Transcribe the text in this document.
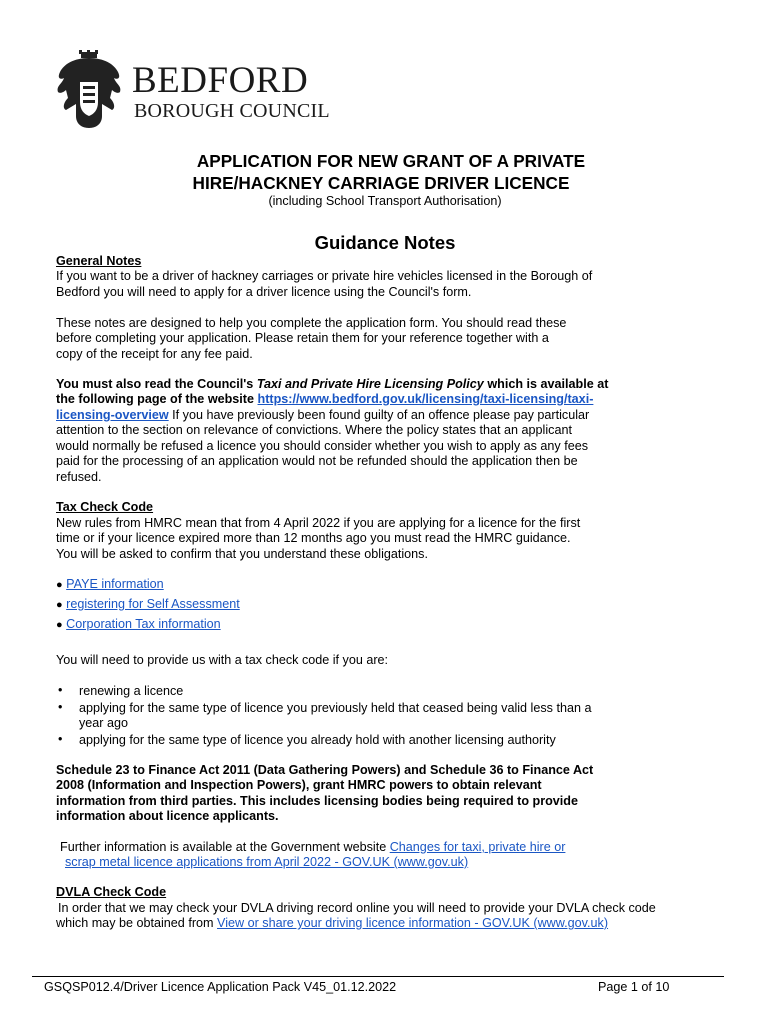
BEDFORD
BOROUGH COUNCIL
APPLICATION FOR NEW GRANT OF A PRIVATE
HIRE/HACKNEY CARRIAGE DRIVER LICENCE
(including School Transport Authorisation)
Guidance Notes
General Notes
If you want to be a driver of hackney carriages or private hire vehicles licensed in the Borough of
Bedford you will need to apply for a driver licence using the Council's form.
These notes are designed to help you complete the application form. You should read these
before completing your application. Please retain them for your reference together with a
copy of the receipt for any fee paid.
You must also read the Council's Taxi and Private Hire Licensing Policy which is available at
the following page of the website https://www.bedford.gov.uk/licensing/taxi-licensing/taxi-
licensing-overview If you have previously been found guilty of an offence please pay particular
attention to the section on relevance of convictions. Where the policy states that an applicant
would normally be refused a licence you should consider whether you wish to apply as any fees
paid for the processing of an application would not be refunded should the application then be
refused.
Tax Check Code
New rules from HMRC mean that from 4 April 2022 if you are applying for a licence for the first
time or if your licence expired more than 12 months ago you must read the HMRC guidance.
You will be asked to confirm that you understand these obligations.
● PAYE information
● registering for Self Assessment
● Corporation Tax information
You will need to provide us with a tax check code if you are:
• renewing a licence
• applying for the same type of licence you previously held that ceased being valid less than a
year ago
• applying for the same type of licence you already hold with another licensing authority
Schedule 23 to Finance Act 2011 (Data Gathering Powers) and Schedule 36 to Finance Act
2008 (Information and Inspection Powers), grant HMRC powers to obtain relevant
information from third parties. This includes licensing bodies being required to provide
information about licence applicants.
Further information is available at the Government website Changes for taxi, private hire or
scrap metal licence applications from April 2022 - GOV.UK (www.gov.uk)
DVLA Check Code
In order that we may check your DVLA driving record online you will need to provide your DVLA check code
which may be obtained from View or share your driving licence information - GOV.UK (www.gov.uk)
GSQSP012.4/Driver Licence Application Pack V45_01.12.2022	Page 1 of 10
